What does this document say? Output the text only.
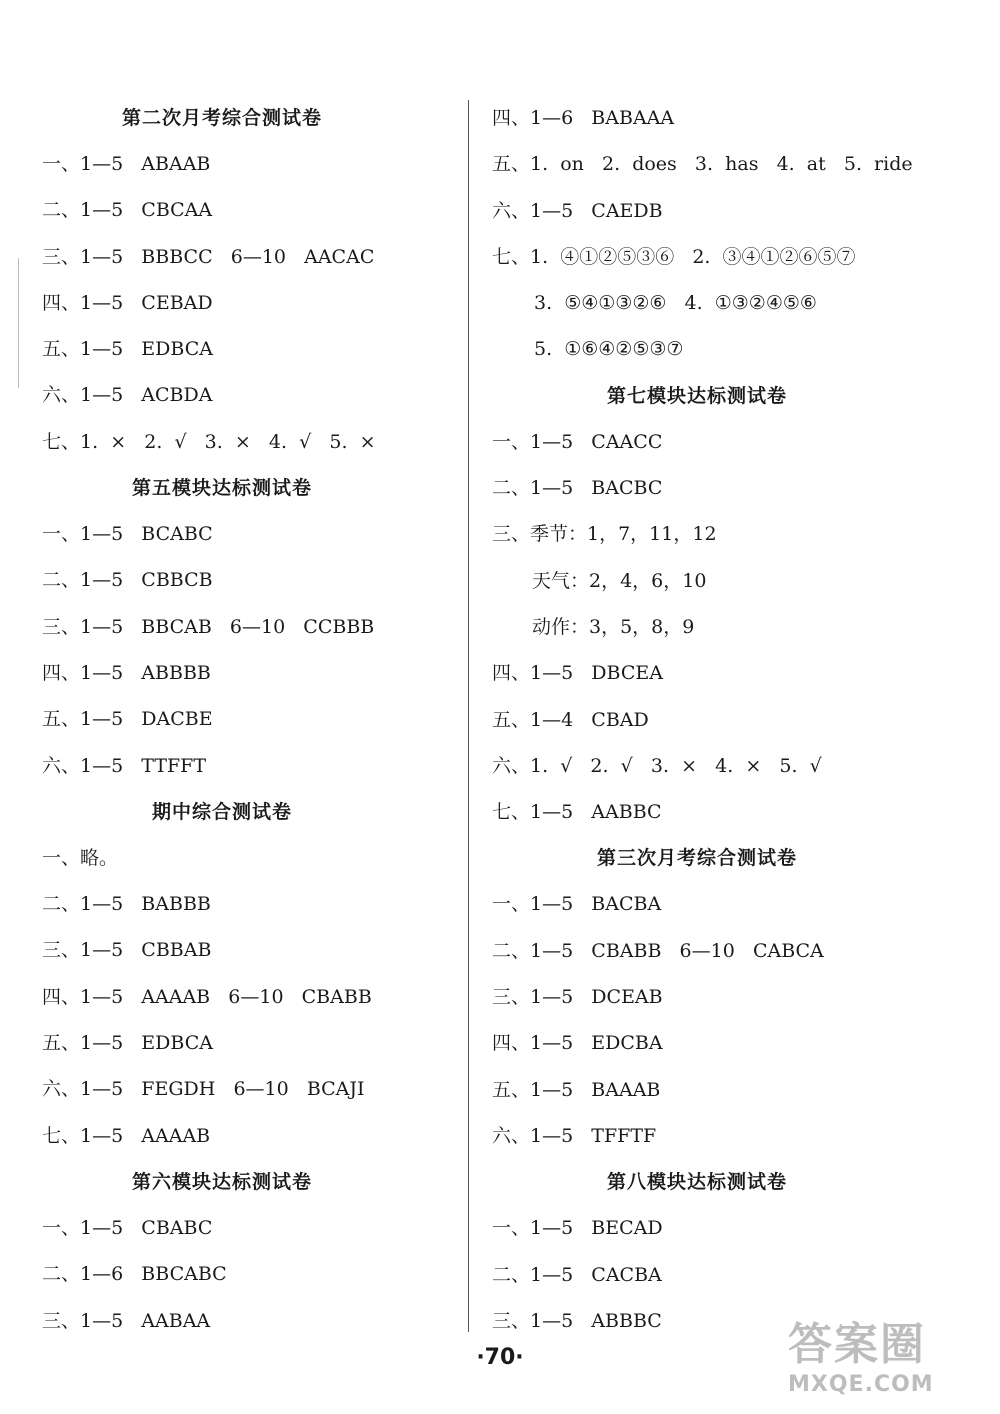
第二次月考综合测试卷
一、1—5   ABAAB
二、1—5   CBCAA
三、1—5   BBBCC   6—10   AACAC
四、1—5   CEBAD
五、1—5   EDBCA
六、1—5   ACBDA
七、1.  ×   2.  √   3.  ×   4.  √   5.  ×
第五模块达标测试卷
一、1—5   BCABC
二、1—5   CBBCB
三、1—5   BBCAB   6—10   CCBBB
四、1—5   ABBBB
五、1—5   DACBE
六、1—5   TTFFT
期中综合测试卷
一、略。
二、1—5   BABBB
三、1—5   CBBAB
四、1—5   AAAAB   6—10   CBABB
五、1—5   EDBCA
六、1—5   FEGDH   6—10   BCAJI
七、1—5   AAAAB
第六模块达标测试卷
一、1—5   CBABC
二、1—6   BBCABC
三、1—5   AABAA
四、1—6   BABAAA
五、1.  on   2.  does   3.  has   4.  at   5.  ride
六、1—5   CAEDB
七、1.  ④①②⑤③⑥   2.  ③④①②⑥⑤⑦
3.  ⑤④①③②⑥   4.  ①③②④⑤⑥
5.  ①⑥④②⑤③⑦
第七模块达标测试卷
一、1—5   CAACC
二、1—5   BACBC
三、季节：1，7，11，12
天气：2，4，6，10
动作：3，5，8，9
四、1—5   DBCEA
五、1—4   CBAD
六、1.  √   2.  √   3.  ×   4.  ×   5.  √
七、1—5   AABBC
第三次月考综合测试卷
一、1—5   BACBA
二、1—5   CBABB   6—10   CABCA
三、1—5   DCEAB
四、1—5   EDCBA
五、1—5   BAAAB
六、1—5   TFFTF
第八模块达标测试卷
一、1—5   BECAD
二、1—5   CACBA
三、1—5   ABBBC
·70·	答案圈
MXQE.COM
